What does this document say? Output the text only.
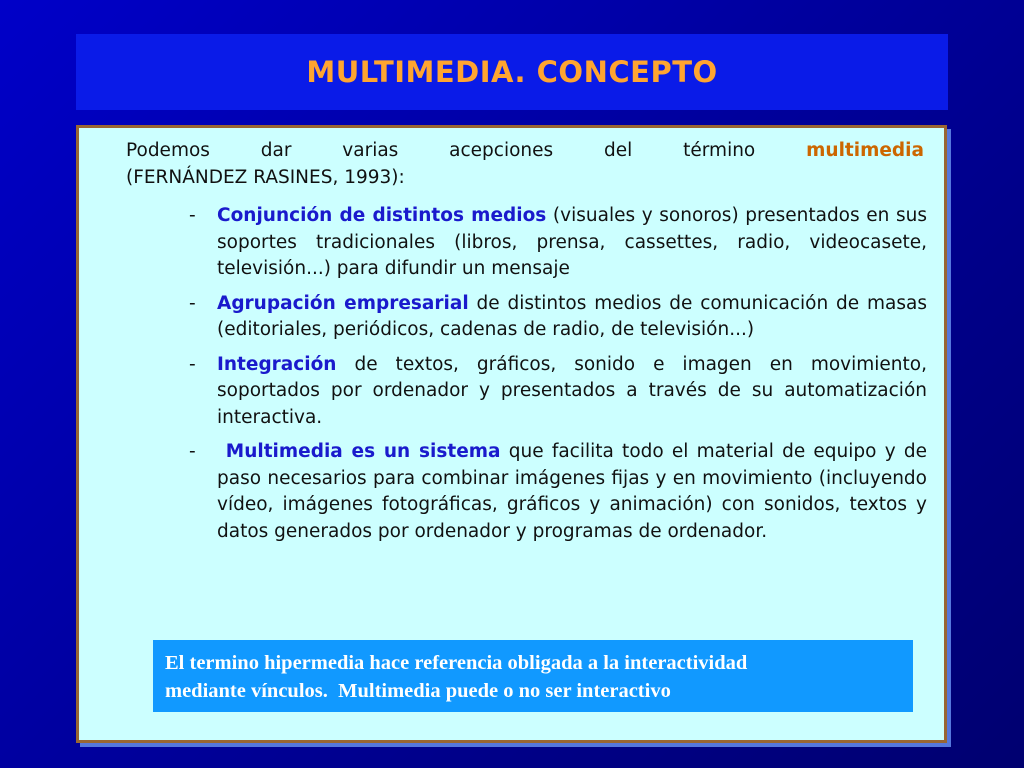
MULTIMEDIA. CONCEPTO
Podemos dar varias acepciones del término	multimedia
(FERNÁNDEZ RASINES, 1993):
-	Conjunción de distintos medios (visuales y sonoros) presentados en sus soportes tradicionales (libros, prensa, cassettes, radio, videocasete, televisión...) para difundir un mensaje
-	Agrupación empresarial de distintos medios de comunicación de masas (editoriales, periódicos, cadenas de radio, de televisión...)
-	Integración de textos, gráficos, sonido e imagen en movimiento, soportados por ordenador y presentados a través de su automatización interactiva.
-	Multimedia es un sistema que facilita todo el material de equipo y de paso necesarios para combinar imágenes fijas y en movimiento (incluyendo vídeo, imágenes fotográficas, gráficos y animación) con sonidos, textos y datos generados por ordenador y programas de ordenador.
El termino hipermedia hace referencia obligada a la interactividad
mediante vínculos.  Multimedia puede o no ser interactivo
